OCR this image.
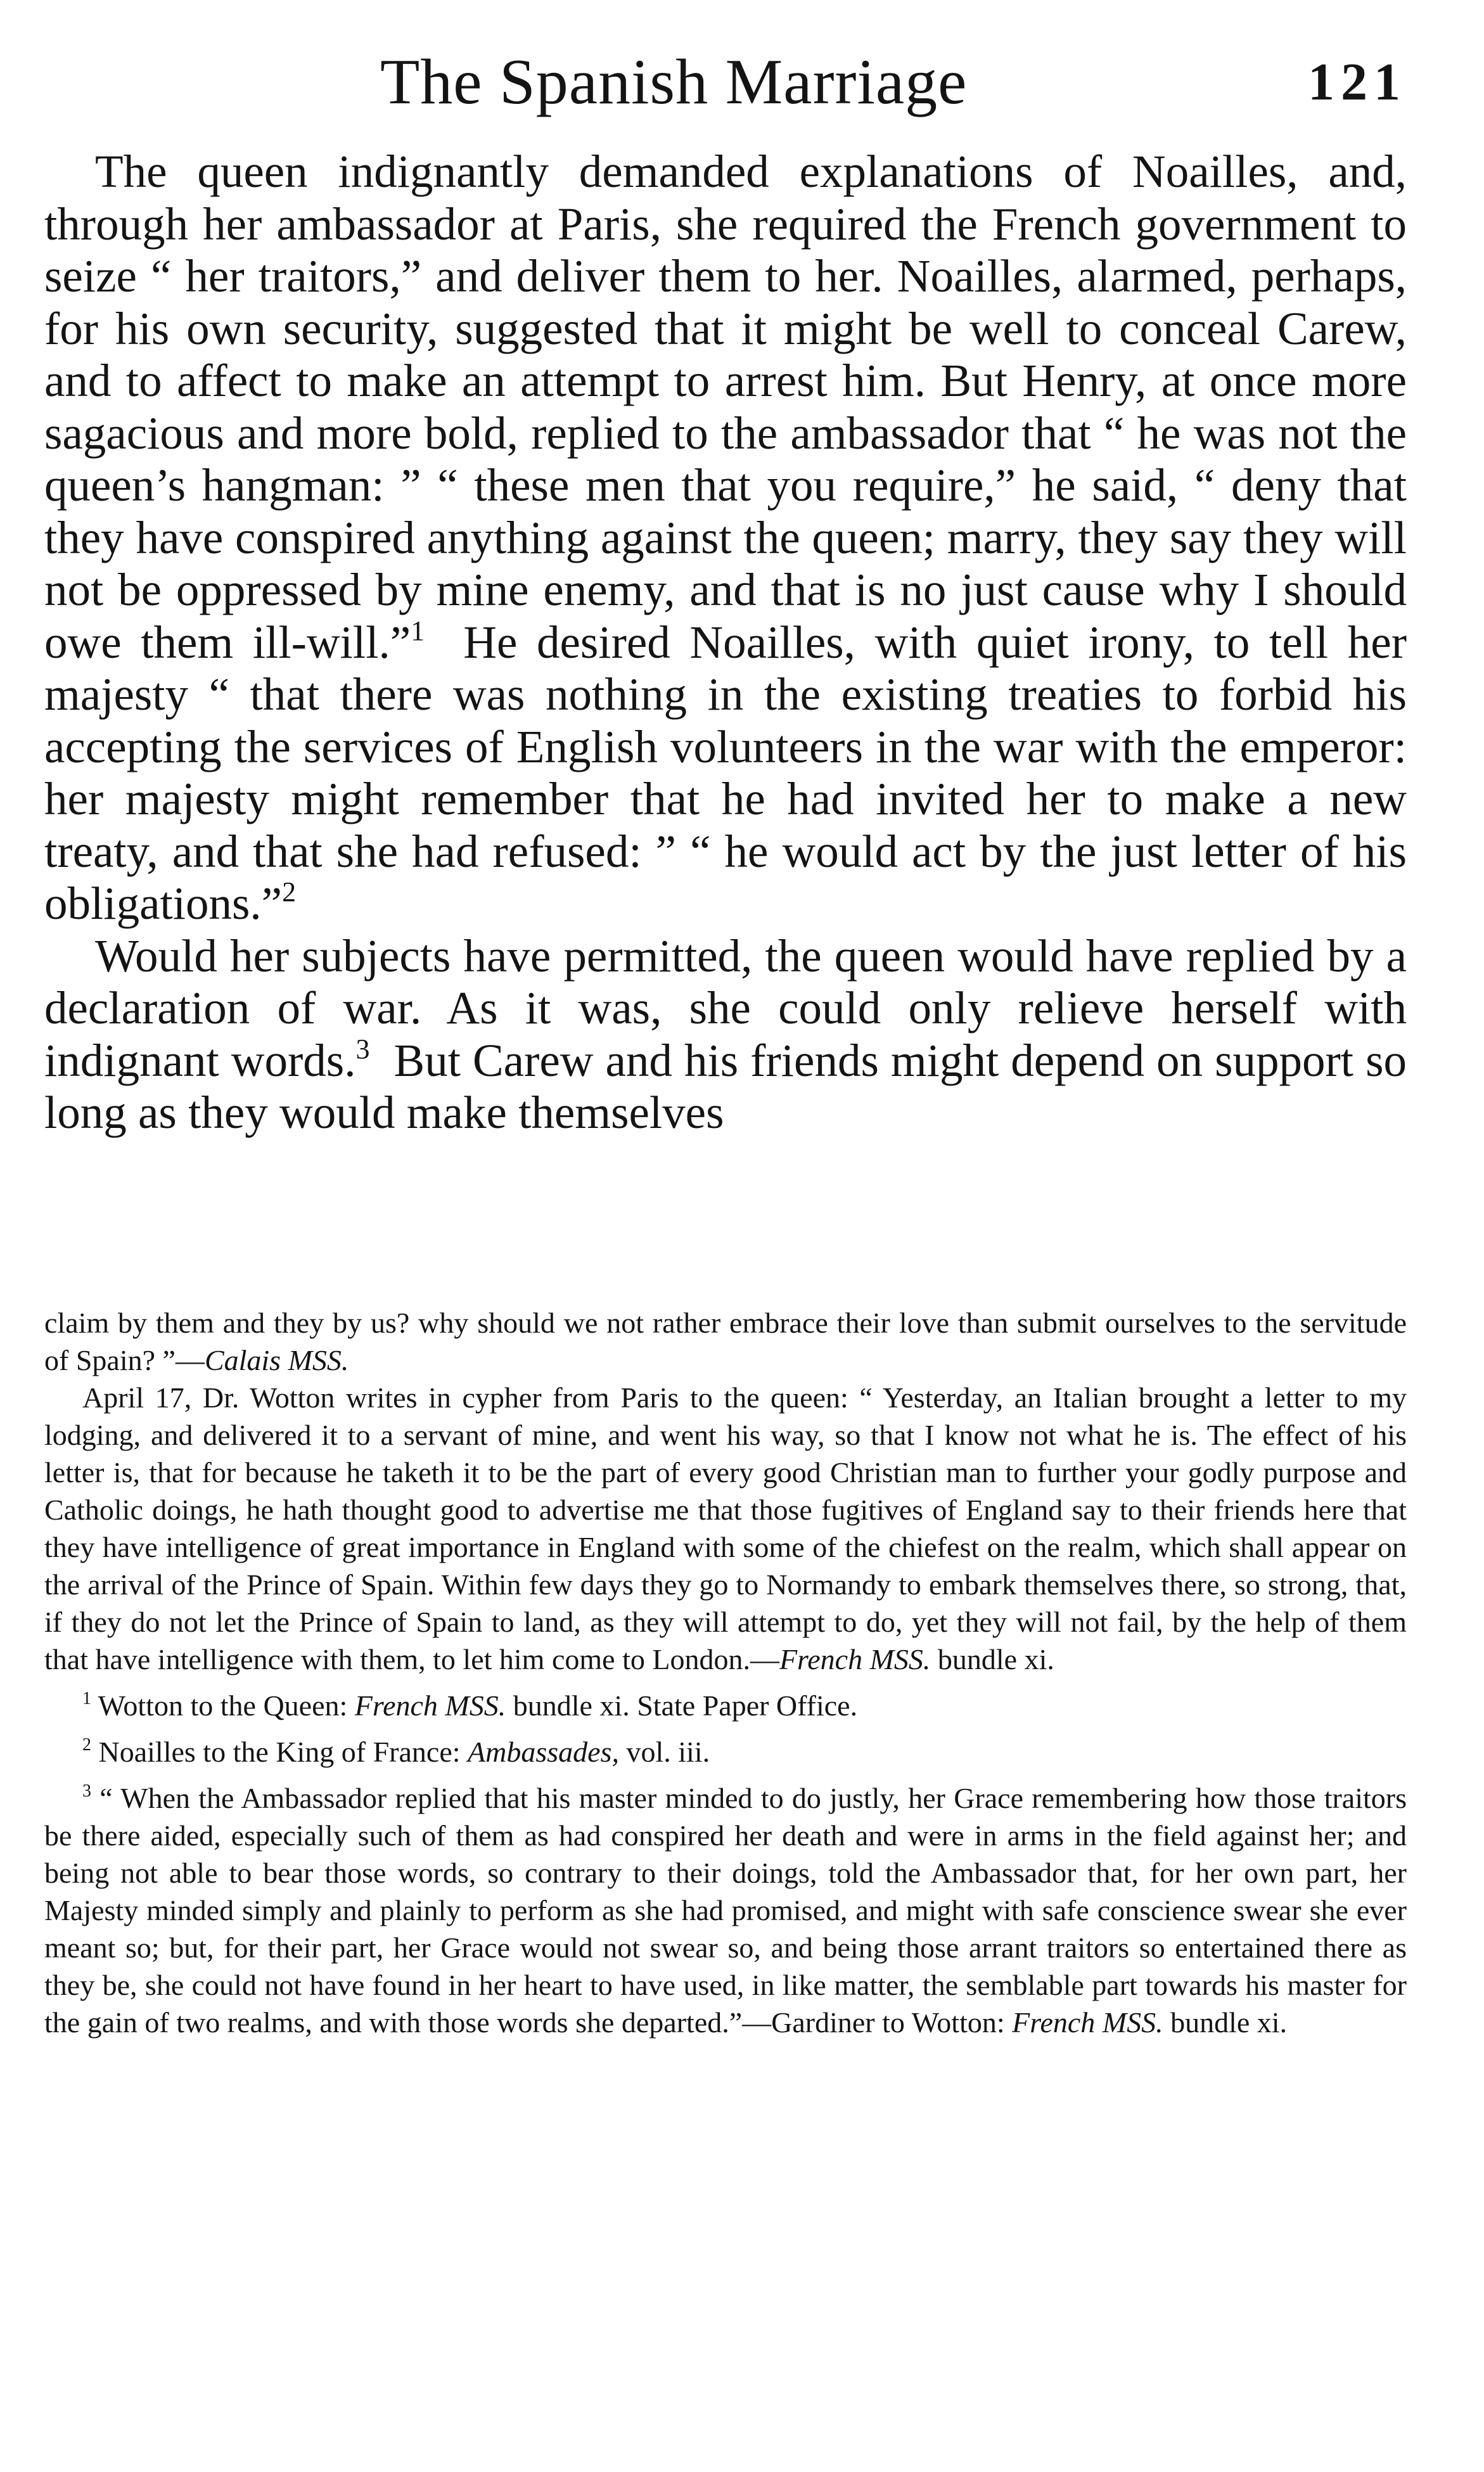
The Spanish Marriage	121

The queen indignantly demanded explanations of Noailles, and, through her ambassador at Paris, she required the French government to seize “ her traitors,” and deliver them to her. Noailles, alarmed, perhaps, for his own security, suggested that it might be well to conceal Carew, and to affect to make an attempt to arrest him. But Henry, at once more sagacious and more bold, replied to the ambassador that “ he was not the queen’s hangman: ” “ these men that you require,” he said, “ deny that they have conspired anything against the queen; marry, they say they will not be oppressed by mine enemy, and that is no just cause why I should owe them ill-will.”$^1$ He desired Noailles, with quiet irony, to tell her majesty “ that there was nothing in the existing treaties to forbid his accepting the services of English volunteers in the war with the emperor: her majesty might remember that he had invited her to make a new treaty, and that she had refused: ” “ he would act by the just letter of his obligations.”$^2$

Would her subjects have permitted, the queen would have replied by a declaration of war. As it was, she could only relieve herself with indignant words.$^3$ But Carew and his friends might depend on support so long as they would make themselves

claim by them and they by us? why should we not rather embrace their love than submit ourselves to the servitude of Spain? ”—Calais MSS.

April 17, Dr. Wotton writes in cypher from Paris to the queen: “ Yesterday, an Italian brought a letter to my lodging, and delivered it to a servant of mine, and went his way, so that I know not what he is. The effect of his letter is, that for because he taketh it to be the part of every good Christian man to further your godly purpose and Catholic doings, he hath thought good to advertise me that those fugitives of England say to their friends here that they have intelligence of great importance in England with some of the chiefest on the realm, which shall appear on the arrival of the Prince of Spain. Within few days they go to Normandy to embark themselves there, so strong, that, if they do not let the Prince of Spain to land, as they will attempt to do, yet they will not fail, by the help of them that have intelligence with them, to let him come to London.—French MSS. bundle xi.

$^1$ Wotton to the Queen: French MSS. bundle xi. State Paper Office.

$^2$ Noailles to the King of France: Ambassades, vol. iii.

$^3$ “ When the Ambassador replied that his master minded to do justly, her Grace remembering how those traitors be there aided, especially such of them as had conspired her death and were in arms in the field against her; and being not able to bear those words, so contrary to their doings, told the Ambassador that, for her own part, her Majesty minded simply and plainly to perform as she had promised, and might with safe conscience swear she ever meant so; but, for their part, her Grace would not swear so, and being those arrant traitors so entertained there as they be, she could not have found in her heart to have used, in like matter, the semblable part towards his master for the gain of two realms, and with those words she departed.”—Gardiner to Wotton: French MSS. bundle xi.
